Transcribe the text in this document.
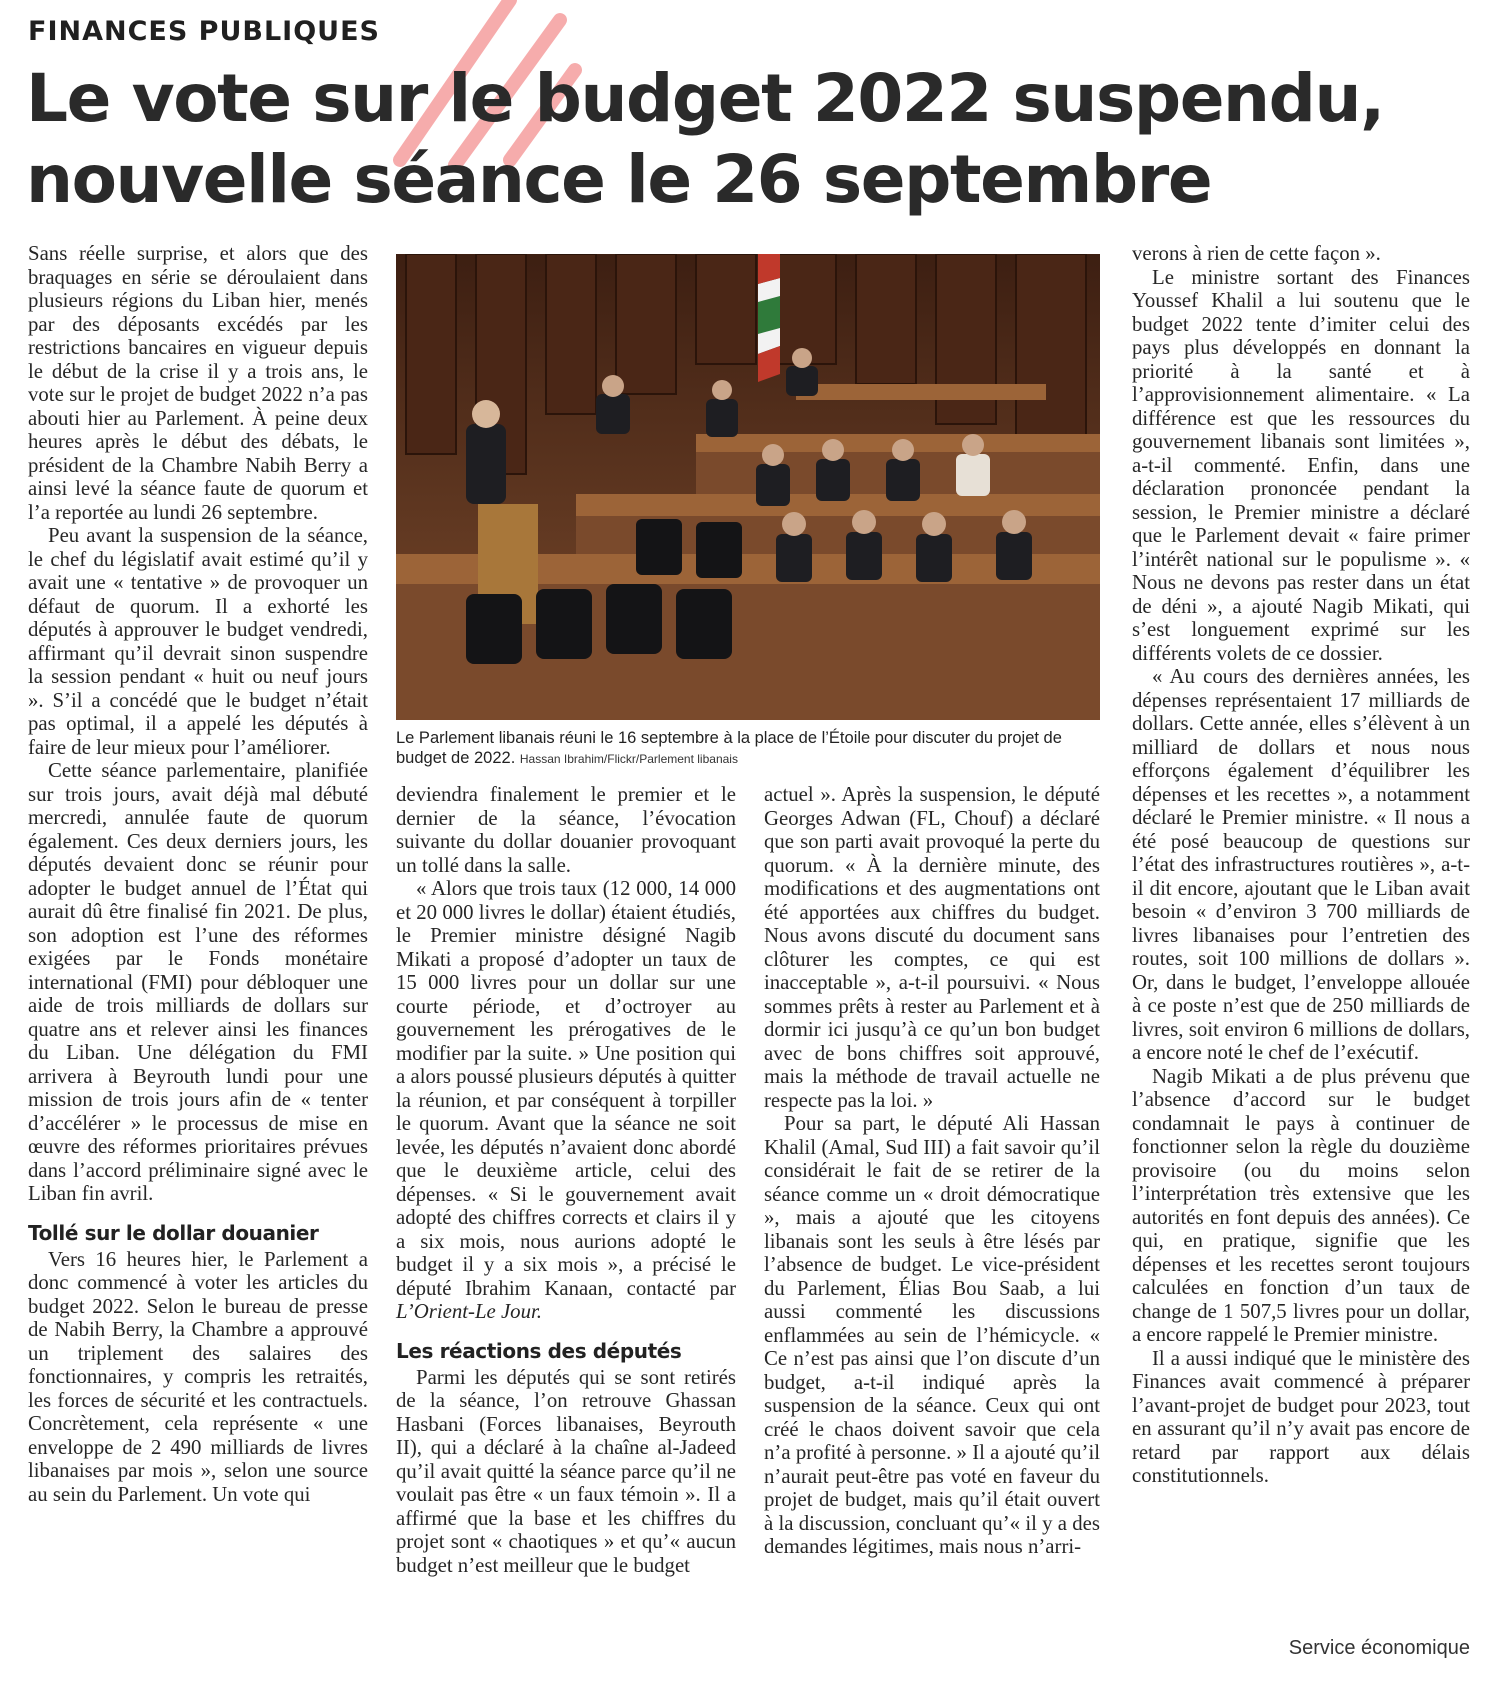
FINANCES PUBLIQUES
Le vote sur le budget 2022 suspendu, nouvelle séance le 26 septembre

Sans réelle surprise, et alors que des braquages en série se déroulaient dans plusieurs régions du Liban hier, menés par des déposants excédés par les restrictions bancaires en vigueur depuis le début de la crise il y a trois ans, le vote sur le projet de budget 2022 n’a pas abouti hier au Parlement. À peine deux heures après le début des débats, le président de la Chambre Nabih Berry a ainsi levé la séance faute de quorum et l’a reportée au lundi 26 septembre.

Peu avant la suspension de la séance, le chef du législatif avait estimé qu’il y avait une « tentative » de provoquer un défaut de quorum. Il a exhorté les députés à approuver le budget vendredi, affirmant qu’il devrait sinon suspendre la session pendant « huit ou neuf jours ». S’il a concédé que le budget n’était pas optimal, il a appelé les députés à faire de leur mieux pour l’améliorer.

Cette séance parlementaire, planifiée sur trois jours, avait déjà mal débuté mercredi, annulée faute de quorum également. Ces deux derniers jours, les députés devaient donc se réunir pour adopter le budget annuel de l’État qui aurait dû être finalisé fin 2021. De plus, son adoption est l’une des réformes exigées par le Fonds monétaire international (FMI) pour débloquer une aide de trois milliards de dollars sur quatre ans et relever ainsi les finances du Liban. Une délégation du FMI arrivera à Beyrouth lundi pour une mission de trois jours afin de « tenter d’accélérer » le processus de mise en œuvre des réformes prioritaires prévues dans l’accord préliminaire signé avec le Liban fin avril.

Tollé sur le dollar douanier

Vers 16 heures hier, le Parlement a donc commencé à voter les articles du budget 2022. Selon le bureau de presse de Nabih Berry, la Chambre a approuvé un triplement des salaires des fonctionnaires, y compris les retraités, les forces de sécurité et les contractuels. Concrètement, cela représente « une enveloppe de 2 490 milliards de livres libanaises par mois », selon une source au sein du Parlement. Un vote qui

Le Parlement libanais réuni le 16 septembre à la place de l’Étoile pour discuter du projet de budget de 2022. Hassan Ibrahim/Flickr/Parlement libanais

deviendra finalement le premier et le dernier de la séance, l’évocation suivante du dollar douanier provoquant un tollé dans la salle.

« Alors que trois taux (12 000, 14 000 et 20 000 livres le dollar) étaient étudiés, le Premier ministre désigné Nagib Mikati a proposé d’adopter un taux de 15 000 livres pour un dollar sur une courte période, et d’octroyer au gouvernement les prérogatives de le modifier par la suite. » Une position qui a alors poussé plusieurs députés à quitter la réunion, et par conséquent à torpiller le quorum. Avant que la séance ne soit levée, les députés n’avaient donc abordé que le deuxième article, celui des dépenses. « Si le gouvernement avait adopté des chiffres corrects et clairs il y a six mois, nous aurions adopté le budget il y a six mois », a précisé le député Ibrahim Kanaan, contacté par L’Orient-Le Jour.

Les réactions des députés

Parmi les députés qui se sont retirés de la séance, l’on retrouve Ghassan Hasbani (Forces libanaises, Beyrouth II), qui a déclaré à la chaîne al-Jadeed qu’il avait quitté la séance parce qu’il ne voulait pas être « un faux témoin ». Il a affirmé que la base et les chiffres du projet sont « chaotiques » et qu’« aucun budget n’est meilleur que le budget

actuel ». Après la suspension, le député Georges Adwan (FL, Chouf) a déclaré que son parti avait provoqué la perte du quorum. « À la dernière minute, des modifications et des augmentations ont été apportées aux chiffres du budget. Nous avons discuté du document sans clôturer les comptes, ce qui est inacceptable », a-t-il poursuivi. « Nous sommes prêts à rester au Parlement et à dormir ici jusqu’à ce qu’un bon budget avec de bons chiffres soit approuvé, mais la méthode de travail actuelle ne respecte pas la loi. »

Pour sa part, le député Ali Hassan Khalil (Amal, Sud III) a fait savoir qu’il considérait le fait de se retirer de la séance comme un « droit démocratique », mais a ajouté que les citoyens libanais sont les seuls à être lésés par l’absence de budget. Le vice-président du Parlement, Élias Bou Saab, a lui aussi commenté les discussions enflammées au sein de l’hémicycle. « Ce n’est pas ainsi que l’on discute d’un budget, a-t-il indiqué après la suspension de la séance. Ceux qui ont créé le chaos doivent savoir que cela n’a profité à personne. » Il a ajouté qu’il n’aurait peut-être pas voté en faveur du projet de budget, mais qu’il était ouvert à la discussion, concluant qu’« il y a des demandes légitimes, mais nous n’arri-

verons à rien de cette façon ».

Le ministre sortant des Finances Youssef Khalil a lui soutenu que le budget 2022 tente d’imiter celui des pays plus développés en donnant la priorité à la santé et à l’approvisionnement alimentaire. « La différence est que les ressources du gouvernement libanais sont limitées », a-t-il commenté. Enfin, dans une déclaration prononcée pendant la session, le Premier ministre a déclaré que le Parlement devait « faire primer l’intérêt national sur le populisme ». « Nous ne devons pas rester dans un état de déni », a ajouté Nagib Mikati, qui s’est longuement exprimé sur les différents volets de ce dossier.

« Au cours des dernières années, les dépenses représentaient 17 milliards de dollars. Cette année, elles s’élèvent à un milliard de dollars et nous nous efforçons également d’équilibrer les dépenses et les recettes », a notamment déclaré le Premier ministre. « Il nous a été posé beaucoup de questions sur l’état des infrastructures routières », a-t-il dit encore, ajoutant que le Liban avait besoin « d’environ 3 700 milliards de livres libanaises pour l’entretien des routes, soit 100 millions de dollars ». Or, dans le budget, l’enveloppe allouée à ce poste n’est que de 250 milliards de livres, soit environ 6 millions de dollars, a encore noté le chef de l’exécutif.

Nagib Mikati a de plus prévenu que l’absence d’accord sur le budget condamnait le pays à continuer de fonctionner selon la règle du douzième provisoire (ou du moins selon l’interprétation très extensive que les autorités en font depuis des années). Ce qui, en pratique, signifie que les dépenses et les recettes seront toujours calculées en fonction d’un taux de change de 1 507,5 livres pour un dollar, a encore rappelé le Premier ministre.

Il a aussi indiqué que le ministère des Finances avait commencé à préparer l’avant-projet de budget pour 2023, tout en assurant qu’il n’y avait pas encore de retard par rapport aux délais constitutionnels.

Service économique
